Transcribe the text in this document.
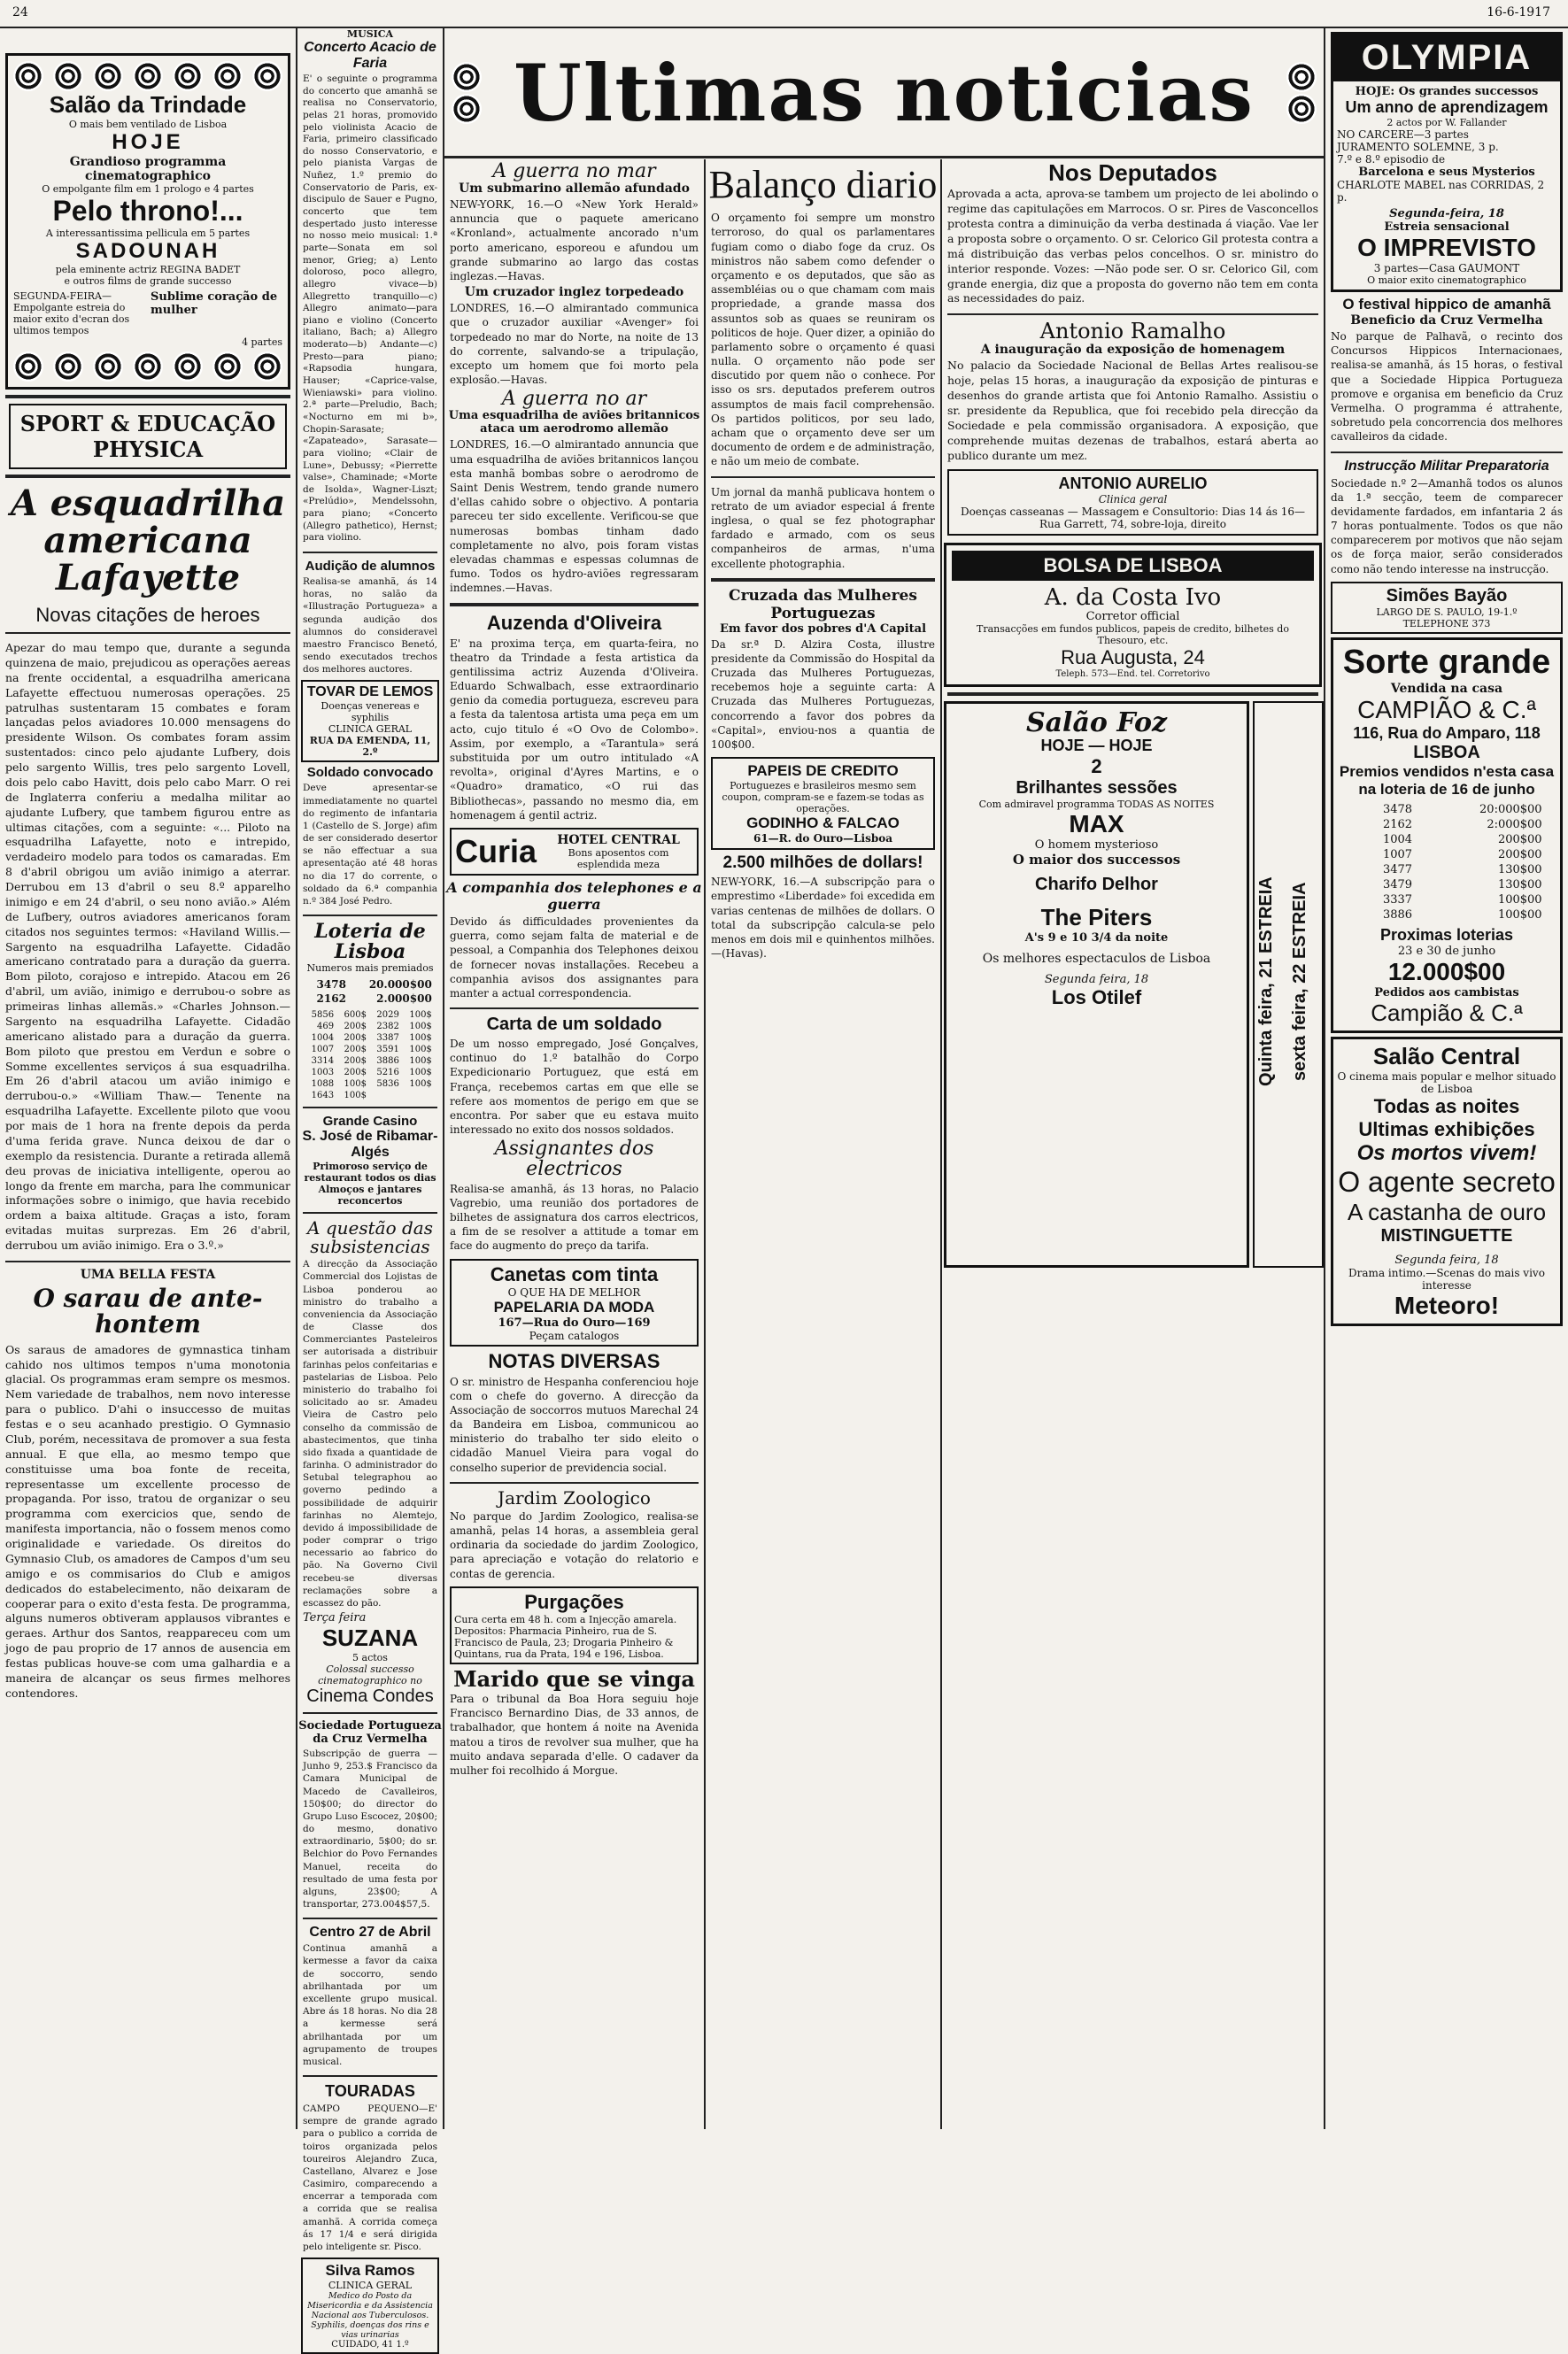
24	16-6-1917
Salão da Trindade
O mais bem ventilado de Lisboa
HOJE
Grandioso programma cinematographico
O empolgante film em 1 prologo e 4 partes
Pelo throno!...
A interessantissima pellicula em 5 partes
SADOUNAH
pela eminente actriz REGINA BADET
e outros films de grande successo
SEGUNDA-FEIRA—Empolgante estreia do maior exito d'ecran dos ultimos tempos
Sublime coração de mulher
4 partes
SPORT & EDUCAÇÃO PHYSICA
A esquadrilha americana Lafayette
Novas citações de heroes
Apezar do mau tempo que, durante a segunda quinzena de maio, prejudicou as operações aereas na frente occidental, a esquadrilha americana Lafayette effectuou numerosas operações. 25 patrulhas sustentaram 15 combates e foram lançadas pelos aviadores 10.000 mensagens do presidente Wilson. Os combates foram assim sustentados: cinco pelo ajudante Lufbery, dois pelo sargento Willis, tres pelo sargento Lovell, dois pelo cabo Havitt, dois pelo cabo Marr. O rei de Inglaterra conferiu a medalha militar ao ajudante Lufbery, que tambem figurou entre as ultimas citações, com a seguinte: «... Piloto na esquadrilha Lafayette, noto e intrepido, verdadeiro modelo para todos os camaradas. Em 8 d'abril obrigou um avião inimigo a aterrar. Derrubou em 13 d'abril o seu 8.º apparelho inimigo e em 24 d'abril, o seu nono avião.» Além de Lufbery, outros aviadores americanos foram citados nos seguintes termos: «Haviland Willis.— Sargento na esquadrilha Lafayette. Cidadão americano contratado para a duração da guerra. Bom piloto, corajoso e intrepido. Atacou em 26 d'abril, um avião, inimigo e derrubou-o sobre as primeiras linhas allemãs.» «Charles Johnson.— Sargento na esquadrilha Lafayette. Cidadão americano alistado para a duração da guerra. Bom piloto que prestou em Verdun e sobre o Somme excellentes serviços á sua esquadrilha. Em 26 d'abril atacou um avião inimigo e derrubou-o.» «William Thaw.— Tenente na esquadrilha Lafayette. Excellente piloto que voou por mais de 1 hora na frente depois da perda d'uma ferida grave. Nunca deixou de dar o exemplo da resistencia. Durante a retirada allemã deu provas de iniciativa intelligente, operou ao longo da frente em marcha, para lhe communicar informações sobre o inimigo, que havia recebido ordem a baixa altitude. Graças a isto, foram evitadas muitas surprezas. Em 26 d'abril, derrubou um avião inimigo. Era o 3.º.»
UMA BELLA FESTA
O sarau de ante-hontem
Os saraus de amadores de gymnastica tinham cahido nos ultimos tempos n'uma monotonia glacial. Os programmas eram sempre os mesmos. Nem variedade de trabalhos, nem novo interesse para o publico. D'ahi o insuccesso de muitas festas e o seu acanhado prestigio. O Gymnasio Club, porém, necessitava de promover a sua festa annual. E que ella, ao mesmo tempo que constituisse uma boa fonte de receita, representasse um excellente processo de propaganda. Por isso, tratou de organizar o seu programma com exercicios que, sendo de manifesta importancia, não o fossem menos como originalidade e variedade. Os direitos do Gymnasio Club, os amadores de Campos d'um seu amigo e os commisarios do Club e amigos dedicados do estabelecimento, não deixaram de cooperar para o exito d'esta festa. De programma, alguns numeros obtiveram applausos vibrantes e geraes. Arthur dos Santos, reappareceu com um jogo de pau proprio de 17 annos de ausencia em festas publicas houve-se com uma galhardia e a maneira de alcançar os seus firmes melhores contendores.
MUSICA
Concerto Acacio de Faria
E' o seguinte o programma do concerto que amanhã se realisa no Conservatorio, pelas 21 horas, promovido pelo violinista Acacio de Faria, primeiro classificado do nosso Conservatorio, e pelo pianista Vargas de Nuñez, 1.º premio do Conservatorio de Paris, ex-discipulo de Sauer e Pugno, concerto que tem despertado justo interesse no nosso meio musical: 1.ª parte—Sonata em sol menor, Grieg; a) Lento doloroso, poco allegro, allegro vivace—b) Allegretto tranquillo—c) Allegro animato—para piano e violino (Concerto italiano, Bach; a) Allegro moderato—b) Andante—c) Presto—para piano; «Rapsodia hungara, Hauser; «Caprice-valse, Wieniawski» para violino. 2.ª parte—Preludio, Bach; «Nocturno em mi b», Chopin-Sarasate; «Zapateado», Sarasate—para violino; «Clair de Lune», Debussy; «Pierrette valse», Chaminade; «Morte de Isolda», Wagner-Liszt; «Prelúdio», Mendelssohn, para piano; «Concerto (Allegro pathetico), Hernst; para violino.
Audição de alumnos
Realisa-se amanhã, ás 14 horas, no salão da «Illustração Portugueza» a segunda audição dos alumnos do consideravel maestro Francisco Benetó, sendo executados trechos dos melhores auctores.
TOVAR DE LEMOS
Doenças venereas e syphilis
CLINICA GERAL
RUA DA EMENDA, 11, 2.º
Soldado convocado
Deve apresentar-se immediatamente no quartel do regimento de infantaria 1 (Castello de S. Jorge) afim de ser considerado desertor se não effectuar a sua apresentação até 48 horas no dia 17 do corrente, o soldado da 6.ª companhia n.º 384 José Pedro.
Loteria de Lisboa
Numeros mais premiados
3478	20.000$00
2162	2.000$00
5856	600$	2029	100$
469	200$	2382	100$
1004	200$	3387	100$
1007	200$	3591	100$
3314	200$	3886	100$
1003	200$	5216	100$
1088	100$	5836	100$
1643	100$		
Grande Casino
S. José de Ribamar-Algés
Primoroso serviço de restaurant todos os dias Almoços e jantares reconcertos
A questão das subsistencias
A direcção da Associação Commercial dos Lojistas de Lisboa ponderou ao ministro do trabalho a conveniencia da Associação de Classe dos Commerciantes Pasteleiros ser autorisada a distribuir farinhas pelos confeitarias e pastelarias de Lisboa. Pelo ministerio do trabalho foi solicitado ao sr. Amadeu Vieira de Castro pelo conselho da commissão de abastecimentos, que tinha sido fixada a quantidade de farinha. O administrador do Setubal telegraphou ao governo pedindo a possibilidade de adquirir farinhas no Alemtejo, devido á impossibilidade de poder comprar o trigo necessario ao fabrico do pão. Na Governo Civil recebeu-se diversas reclamações sobre a escassez do pão.
Terça feira
SUZANA
5 actos
Colossal successo cinematographico no
Cinema Condes
Sociedade Portugueza da Cruz Vermelha
Subscripção de guerra — Junho 9, 253.$ Francisco da Camara Municipal de Macedo de Cavalleiros, 150$00; do director do Grupo Luso Escocez, 20$00; do mesmo, donativo extraordinario, 5$00; do sr. Belchior do Povo Fernandes Manuel, receita do resultado de uma festa por alguns, 23$00; A transportar, 273.004$57,5.
Centro 27 de Abril
Continua amanhã a kermesse a favor da caixa de soccorro, sendo abrilhantada por um excellente grupo musical. Abre ás 18 horas. No dia 28 a kermesse será abrilhantada por um agrupamento de troupes musical.
TOURADAS
CAMPO PEQUENO—E' sempre de grande agrado para o publico a corrida de toiros organizada pelos toureiros Alejandro Zuca, Castellano, Alvarez e Jose Casimiro, comparecendo a encerrar a temporada com a corrida que se realisa amanhã. A corrida começa ás 17 1/4 e será dirigida pelo inteligente sr. Pisco.
Silva Ramos
CLINICA GERAL
Medico do Posto da Misericordia e da Assistencia Nacional aos Tuberculosos. Syphilis, doenças dos rins e vias urinarias
CUIDADO, 41 1.º
Ultimas noticias
A guerra no mar
Um submarino allemão afundado
NEW-YORK, 16.—O «New York Herald» annuncia que o paquete americano «Kronland», actualmente ancorado n'um porto americano, esporeou e afundou um grande submarino ao largo das costas inglezas.—Havas.
Um cruzador inglez torpedeado
LONDRES, 16.—O almirantado communica que o cruzador auxiliar «Avenger» foi torpedeado no mar do Norte, na noite de 13 do corrente, salvando-se a tripulação, excepto um homem que foi morto pela explosão.—Havas.
A guerra no ar
Uma esquadrilha de aviões britannicos ataca um aerodromo allemão
LONDRES, 16.—O almirantado annuncia que uma esquadrilha de aviões britannicos lançou esta manhã bombas sobre o aerodromo de Saint Denis Westrem, tendo grande numero d'ellas cahido sobre o objectivo. A pontaria pareceu ter sido excellente. Verificou-se que numerosas bombas tinham dado completamente no alvo, pois foram vistas elevadas chammas e espessas columnas de fumo. Todos os hydro-aviões regressaram indemnes.—Havas.
Auzenda d'Oliveira
E' na proxima terça, em quarta-feira, no theatro da Trindade a festa artistica da gentilissima actriz Auzenda d'Oliveira. Eduardo Schwalbach, esse extraordinario genio da comedia portugueza, escreveu para a festa da talentosa artista uma peça em um acto, cujo titulo é «O Ovo de Colombo». Assim, por exemplo, a «Tarantula» será substituida por um outro intitulado «A revolta», original d'Ayres Martins, e o «Quadro» dramatico, «O rui das Bibliothecas», passando no mesmo dia, em homenagem á gentil actriz.
Curia	HOTEL CENTRAL
Bons aposentos com esplendida meza
A companhia dos telephones e a guerra
Devido ás difficuldades provenientes da guerra, como sejam falta de material e de pessoal, a Companhia dos Telephones deixou de fornecer novas installações. Recebeu a companhia avisos dos assignantes para manter a actual correspondencia.
Carta de um soldado
De um nosso empregado, José Gonçalves, continuo do 1.º batalhão do Corpo Expedicionario Portuguez, que está em França, recebemos cartas em que elle se refere aos momentos de perigo em que se encontra. Por saber que eu estava muito interessado no exito dos nossos soldados.
Assignantes dos electricos
Realisa-se amanhã, ás 13 horas, no Palacio Vagrebio, uma reunião dos portadores de bilhetes de assignatura dos carros electricos, a fim de se resolver a attitude a tomar em face do augmento do preço da tarifa.
Canetas com tinta
O QUE HA DE MELHOR
PAPELARIA DA MODA
167—Rua do Ouro—169
Peçam catalogos
NOTAS DIVERSAS
O sr. ministro de Hespanha conferenciou hoje com o chefe do governo. A direcção da Associação de soccorros mutuos Marechal 24 da Bandeira em Lisboa, communicou ao ministerio do trabalho ter sido eleito o cidadão Manuel Vieira para vogal do conselho superior de previdencia social.
Jardim Zoologico
No parque do Jardim Zoologico, realisa-se amanhã, pelas 14 horas, a assembleia geral ordinaria da sociedade do jardim Zoologico, para apreciação e votação do relatorio e contas de gerencia.
Purgações
Cura certa em 48 h. com a Injecção amarela. Depositos: Pharmacia Pinheiro, rua de S. Francisco de Paula, 23; Drogaria Pinheiro & Quintans, rua da Prata, 194 e 196, Lisboa.
Marido que se vinga
Para o tribunal da Boa Hora seguiu hoje Francisco Bernardino Dias, de 33 annos, de trabalhador, que hontem á noite na Avenida matou a tiros de revolver sua mulher, que ha muito andava separada d'elle. O cadaver da mulher foi recolhido á Morgue.
Balanço diario
O orçamento foi sempre um monstro terroroso, do qual os parlamentares fugiam como o diabo foge da cruz. Os ministros não sabem como defender o orçamento e os deputados, que são as assembléias ou o que chamam com mais propriedade, a grande massa dos assuntos sob as quaes se reuniram os politicos de hoje. Quer dizer, a opinião do parlamento sobre o orçamento é quasi nulla. O orçamento não pode ser discutido por quem não o conhece. Por isso os srs. deputados preferem outros assumptos de mais facil comprehensão. Os partidos politicos, por seu lado, acham que o orçamento deve ser um documento de ordem e de administração, e não um meio de combate.
Um jornal da manhã publicava hontem o retrato de um aviador especial á frente inglesa, o qual se fez photographar fardado e armado, com os seus companheiros de armas, n'uma excellente photographia.
Cruzada das Mulheres Portuguezas
Em favor dos pobres d'A Capital
Da sr.ª D. Alzira Costa, illustre presidente da Commissão do Hospital da Cruzada das Mulheres Portuguezas, recebemos hoje a seguinte carta: A Cruzada das Mulheres Portuguezas, concorrendo a favor dos pobres da «Capital», enviou-nos a quantia de 100$00.
PAPEIS DE CREDITO
Portuguezes e brasileiros mesmo sem coupon, compram-se e fazem-se todas as operações.
GODINHO & FALCAO
61—R. do Ouro—Lisboa
2.500 milhões de dollars!
NEW-YORK, 16.—A subscripção para o emprestimo «Liberdade» foi excedida em varias centenas de milhões de dollars. O total da subscripção calcula-se pelo menos em dois mil e quinhentos milhões.—(Havas).
Nos Deputados
Aprovada a acta, aprova-se tambem um projecto de lei abolindo o regime das capitulações em Marrocos. O sr. Pires de Vasconcellos protesta contra a diminuição da verba destinada á viação. Vae ler a proposta sobre o orçamento. O sr. Celorico Gil protesta contra a má distribuição das verbas pelos concelhos. O sr. ministro do interior responde. Vozes: —Não pode ser. O sr. Celorico Gil, com grande energia, diz que a proposta do governo não tem em conta as necessidades do paiz.
Antonio Ramalho
A inauguração da exposição de homenagem
No palacio da Sociedade Nacional de Bellas Artes realisou-se hoje, pelas 15 horas, a inauguração da exposição de pinturas e desenhos do grande artista que foi Antonio Ramalho. Assistiu o sr. presidente da Republica, que foi recebido pela direcção da Sociedade e pela commissão organisadora. A exposição, que comprehende muitas dezenas de trabalhos, estará aberta ao publico durante um mez.
ANTONIO AURELIO
Clinica geral
Doenças casseanas — Massagem e Consultorio: Dias 14 ás 16—Rua Garrett, 74, sobre-loja, direito
BOLSA DE LISBOA
A. da Costa Ivo
Corretor official
Transacções em fundos publicos, papeis de credito, bilhetes do Thesouro, etc.
Rua Augusta, 24
Teleph. 573—End. tel. Corretorivo
Salão Foz
HOJE — HOJE
2
Brilhantes sessões
Com admiravel programma TODAS AS NOITES
MAX
O homem mysterioso
O maior dos successos
Charifo Delhor
The Piters
A's 9 e 10 3/4 da noite
Os melhores espectaculos de Lisboa
Segunda feira, 18
Los Otilef	Quinta feira, 21 ESTREIA sexta feira, 22 ESTREIA
OLYMPIA
HOJE: Os grandes successos
Um anno de aprendizagem
2 actos por W. Fallander
NO CARCERE—3 partes
JURAMENTO SOLEMNE, 3 p.
7.º e 8.º episodio de
Barcelona e seus Mysterios
CHARLOTE MABEL nas CORRIDAS, 2 p.
Segunda-feira, 18
Estreia sensacional
O IMPREVISTO
3 partes—Casa GAUMONT
O maior exito cinematographico
O festival hippico de amanhã
Beneficio da Cruz Vermelha
No parque de Palhavã, o recinto dos Concursos Hippicos Internacionaes, realisa-se amanhã, ás 15 horas, o festival que a Sociedade Hippica Portugueza promove e organisa em beneficio da Cruz Vermelha. O programma é attrahente, sobretudo pela concorrencia dos melhores cavalleiros da cidade.
Instrucção Militar Preparatoria
Sociedade n.º 2—Amanhã todos os alunos da 1.ª secção, teem de comparecer devidamente fardados, em infantaria 2 ás 7 horas pontualmente. Todos os que não comparecerem por motivos que não sejam os de força maior, serão considerados como não tendo interesse na instrucção.
Simões Bayão
LARGO DE S. PAULO, 19-1.º
TELEPHONE 373
Sorte grande
Vendida na casa
CAMPIÃO & C.ª
116, Rua do Amparo, 118
LISBOA
Premios vendidos n'esta casa na loteria de 16 de junho
3478	20:000$00
2162	2:000$00
1004	200$00
1007	200$00
3477	130$00
3479	130$00
3337	100$00
3886	100$00
Proximas loterias
23 e 30 de junho
12.000$00
Pedidos aos cambistas
Campião & C.ª
Salão Central
O cinema mais popular e melhor situado de Lisboa
Todas as noites
Ultimas exhibições
Os mortos vivem!
O agente secreto
A castanha de ouro
MISTINGUETTE
Segunda feira, 18
Drama intimo.—Scenas do mais vivo interesse
Meteoro!
